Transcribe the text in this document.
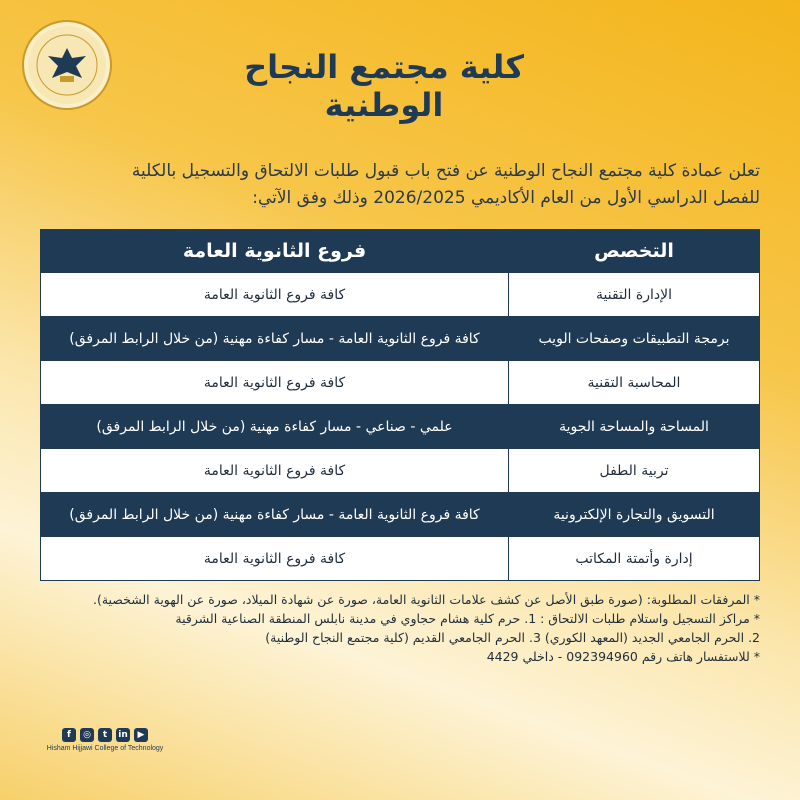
كلية مجتمع النجاح الوطنية
تعلن عمادة كلية مجتمع النجاح الوطنية عن فتح باب قبول طلبات الالتحاق والتسجيل بالكلية
للفصل الدراسي الأول من العام الأكاديمي 2026/2025 وذلك وفق الآتي:
التخصص	فروع الثانوية العامة
الإدارة التقنية	كافة فروع الثانوية العامة
برمجة التطبيقات وصفحات الويب	كافة فروع الثانوية العامة - مسار كفاءة مهنية (من خلال الرابط المرفق)
المحاسبة التقنية	كافة فروع الثانوية العامة
المساحة والمساحة الجوية	علمي - صناعي - مسار كفاءة مهنية (من خلال الرابط المرفق)
تربية الطفل	كافة فروع الثانوية العامة
التسويق والتجارة الإلكترونية	كافة فروع الثانوية العامة - مسار كفاءة مهنية (من خلال الرابط المرفق)
إدارة وأتمتة المكاتب	كافة فروع الثانوية العامة
* المرفقات المطلوبة: (صورة طبق الأصل عن كشف علامات الثانوية العامة، صورة عن شهادة الميلاد، صورة عن الهوية الشخصية).
* مراكز التسجيل واستلام طلبات الالتحاق : 1. حرم كلية هشام حجاوي في مدينة نابلس المنطقة الصناعية الشرقية
2. الحرم الجامعي الجديد (المعهد الكوري) 3. الحرم الجامعي القديم (كلية مجتمع النجاح الوطنية)
* للاستفسار هاتف رقم 092394960 - داخلي 4429
f	◎	t	in	▶
Hisham Hijjawi College of Technology
